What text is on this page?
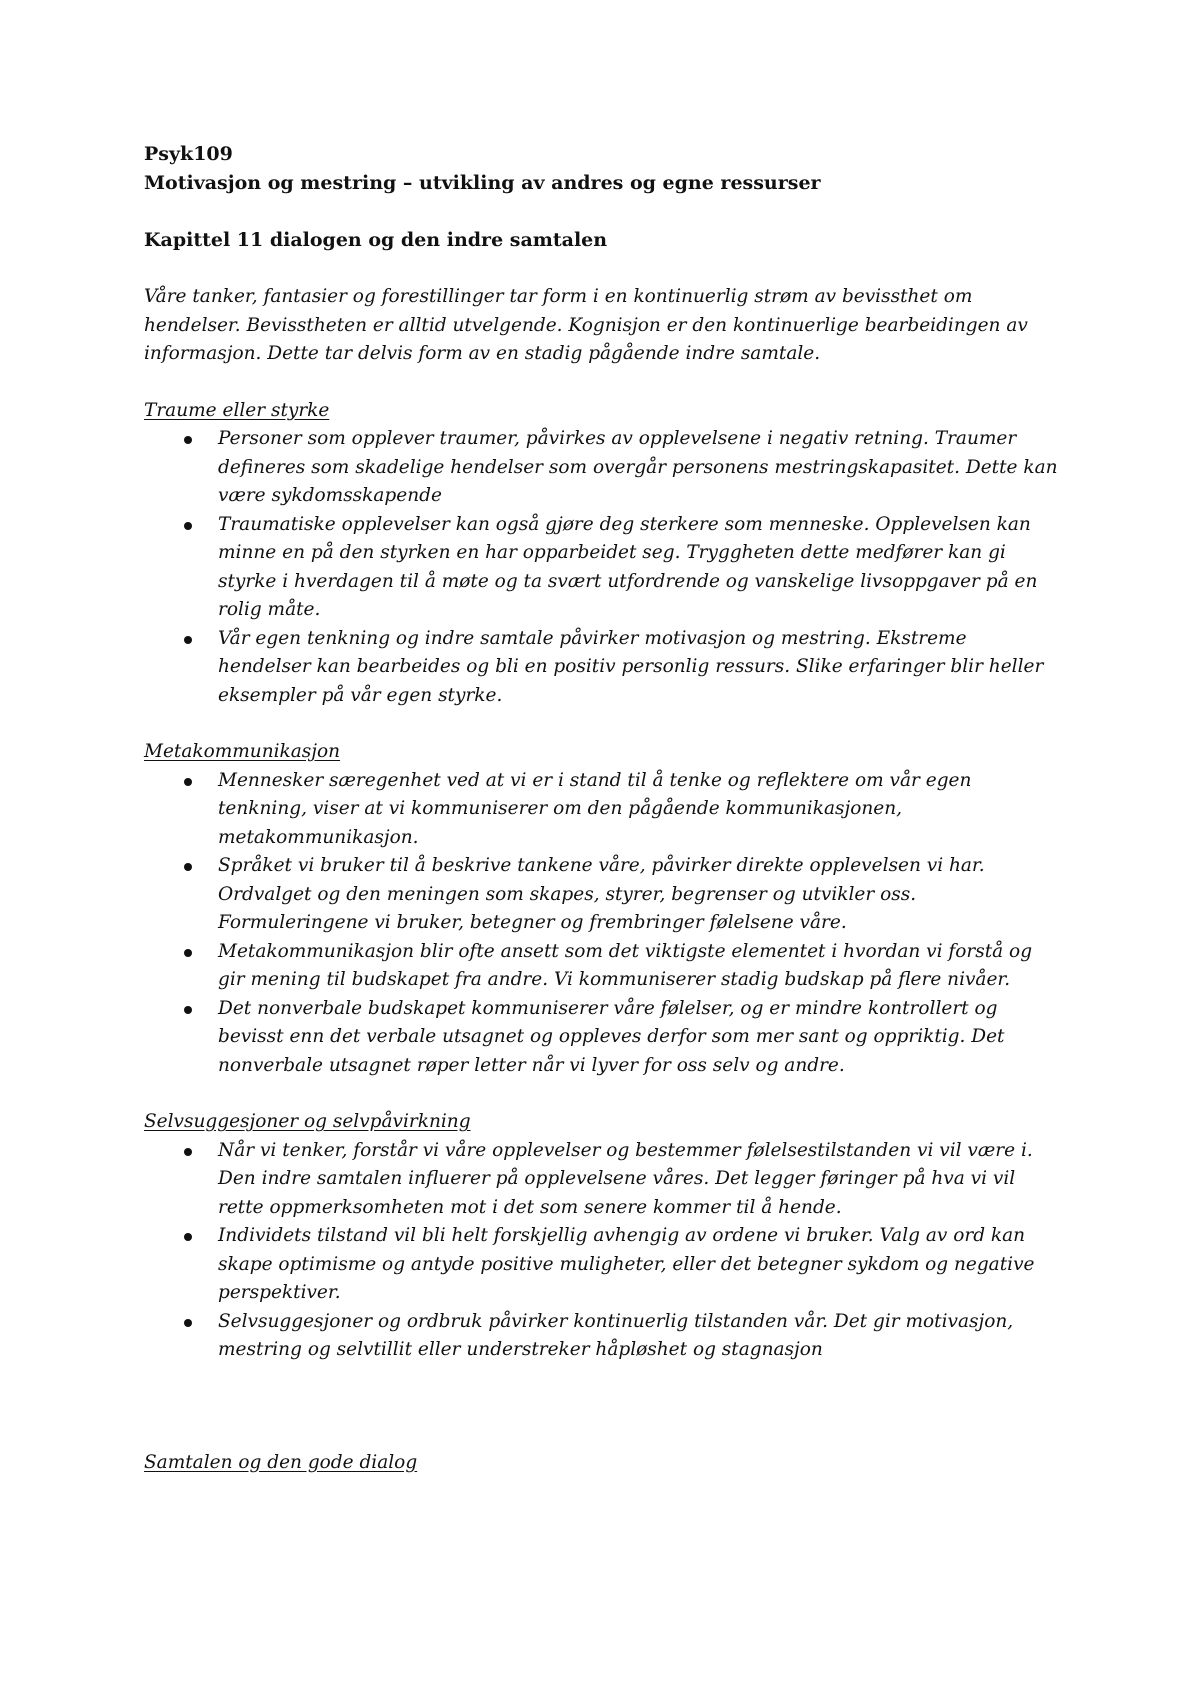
Psyk109

Motivasjon og mestring – utvikling av andres og egne ressurser

Kapittel 11 dialogen og den indre samtalen

Våre tanker, fantasier og forestillinger tar form i en kontinuerlig strøm av bevissthet om hendelser. Bevisstheten er alltid utvelgende. Kognisjon er den kontinuerlige bearbeidingen av informasjon. Dette tar delvis form av en stadig pågående indre samtale.

Traume eller styrke

Personer som opplever traumer, påvirkes av opplevelsene i negativ retning. Traumer defineres som skadelige hendelser som overgår personens mestringskapasitet. Dette kan være sykdomsskapende
Traumatiske opplevelser kan også gjøre deg sterkere som menneske. Opplevelsen kan minne en på den styrken en har opparbeidet seg. Tryggheten dette medfører kan gi styrke i hverdagen til å møte og ta svært utfordrende og vanskelige livsoppgaver på en rolig måte.
Vår egen tenkning og indre samtale påvirker motivasjon og mestring. Ekstreme hendelser kan bearbeides og bli en positiv personlig ressurs. Slike erfaringer blir heller eksempler på vår egen styrke.

Metakommunikasjon

Mennesker særegenhet ved at vi er i stand til å tenke og reflektere om vår egen tenkning, viser at vi kommuniserer om den pågående kommunikasjonen, metakommunikasjon.
Språket vi bruker til å beskrive tankene våre, påvirker direkte opplevelsen vi har. Ordvalget og den meningen som skapes, styrer, begrenser og utvikler oss. Formuleringene vi bruker, betegner og frembringer følelsene våre.
Metakommunikasjon blir ofte ansett som det viktigste elementet i hvordan vi forstå og gir mening til budskapet fra andre. Vi kommuniserer stadig budskap på flere nivåer.
Det nonverbale budskapet kommuniserer våre følelser, og er mindre kontrollert og bevisst enn det verbale utsagnet og oppleves derfor som mer sant og oppriktig. Det nonverbale utsagnet røper letter når vi lyver for oss selv og andre.

Selvsuggesjoner og selvpåvirkning

Når vi tenker, forstår vi våre opplevelser og bestemmer følelsestilstanden vi vil være i. Den indre samtalen influerer på opplevelsene våres. Det legger føringer på hva vi vil rette oppmerksomheten mot i det som senere kommer til å hende.
Individets tilstand vil bli helt forskjellig avhengig av ordene vi bruker. Valg av ord kan skape optimisme og antyde positive muligheter, eller det betegner sykdom og negative perspektiver.
Selvsuggesjoner og ordbruk påvirker kontinuerlig tilstanden vår. Det gir motivasjon, mestring og selvtillit eller understreker håpløshet og stagnasjon

Samtalen og den gode dialog
